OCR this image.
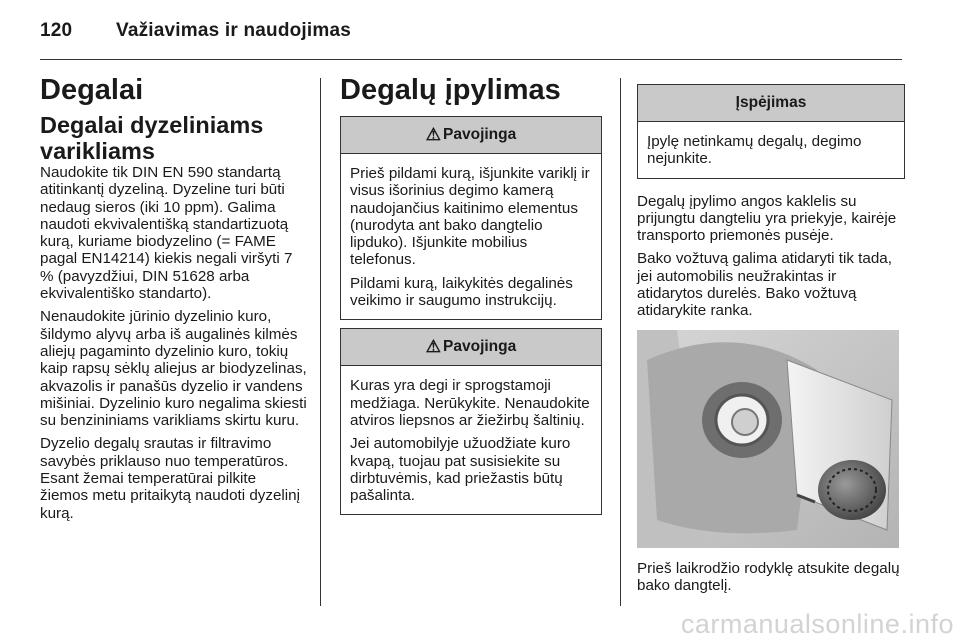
120 Važiavimas ir naudojimas
Degalai
Degalai dyzeliniams varikliams

Naudokite tik DIN EN 590 standartą atitinkantį dyzeliną. Dyzeline turi būti nedaug sieros (iki 10 ppm). Galima naudoti ekvivalentišką standartizuotą kurą, kuriame biodyzelino (= FAME pagal EN14214) kiekis negali viršyti 7 % (pavyzdžiui, DIN 51628 arba ekvivalentiško standarto).

Nenaudokite jūrinio dyzelinio kuro, šildymo alyvų arba iš augalinės kilmės aliejų pagaminto dyzelinio kuro, tokių kaip rapsų sėklų aliejus ar biodyzelinas, akvazolis ir panašūs dyzelio ir vandens mišiniai. Dyzelinio kuro negalima skiesti su benzininiams varikliams skirtu kuru.

Dyzelio degalų srautas ir filtravimo savybės priklauso nuo temperatūros. Esant žemai temperatūrai pilkite žiemos metu pritaikytą naudoti dyzelinį kurą.

Degalų įpylimas
⚠ Pavojinga

Prieš pildami kurą, išjunkite variklį ir visus išorinius degimo kamerą naudojančius kaitinimo elementus (nurodyta ant bako dangtelio lipduko). Išjunkite mobilius telefonus.

Pildami kurą, laikykitės degalinės veikimo ir saugumo instrukcijų.

⚠ Pavojinga

Kuras yra degi ir sprogstamoji medžiaga. Nerūkykite. Nenaudokite atviros liepsnos ar žiežirbų šaltinių.

Jei automobilyje užuodžiate kuro kvapą, tuojau pat susisiekite su dirbtuvėmis, kad priežastis būtų pašalinta.

Įspėjimas

Įpylę netinkamų degalų, degimo nejunkite.

Degalų įpylimo angos kaklelis su prijungtu dangteliu yra priekyje, kairėje transporto priemonės pusėje.

Bako vožtuvą galima atidaryti tik tada, jei automobilis neužrakintas ir atidarytos durelės. Bako vožtuvą atidarykite ranka.

Prieš laikrodžio rodyklę atsukite degalų bako dangtelį.

carmanualsonline.info
